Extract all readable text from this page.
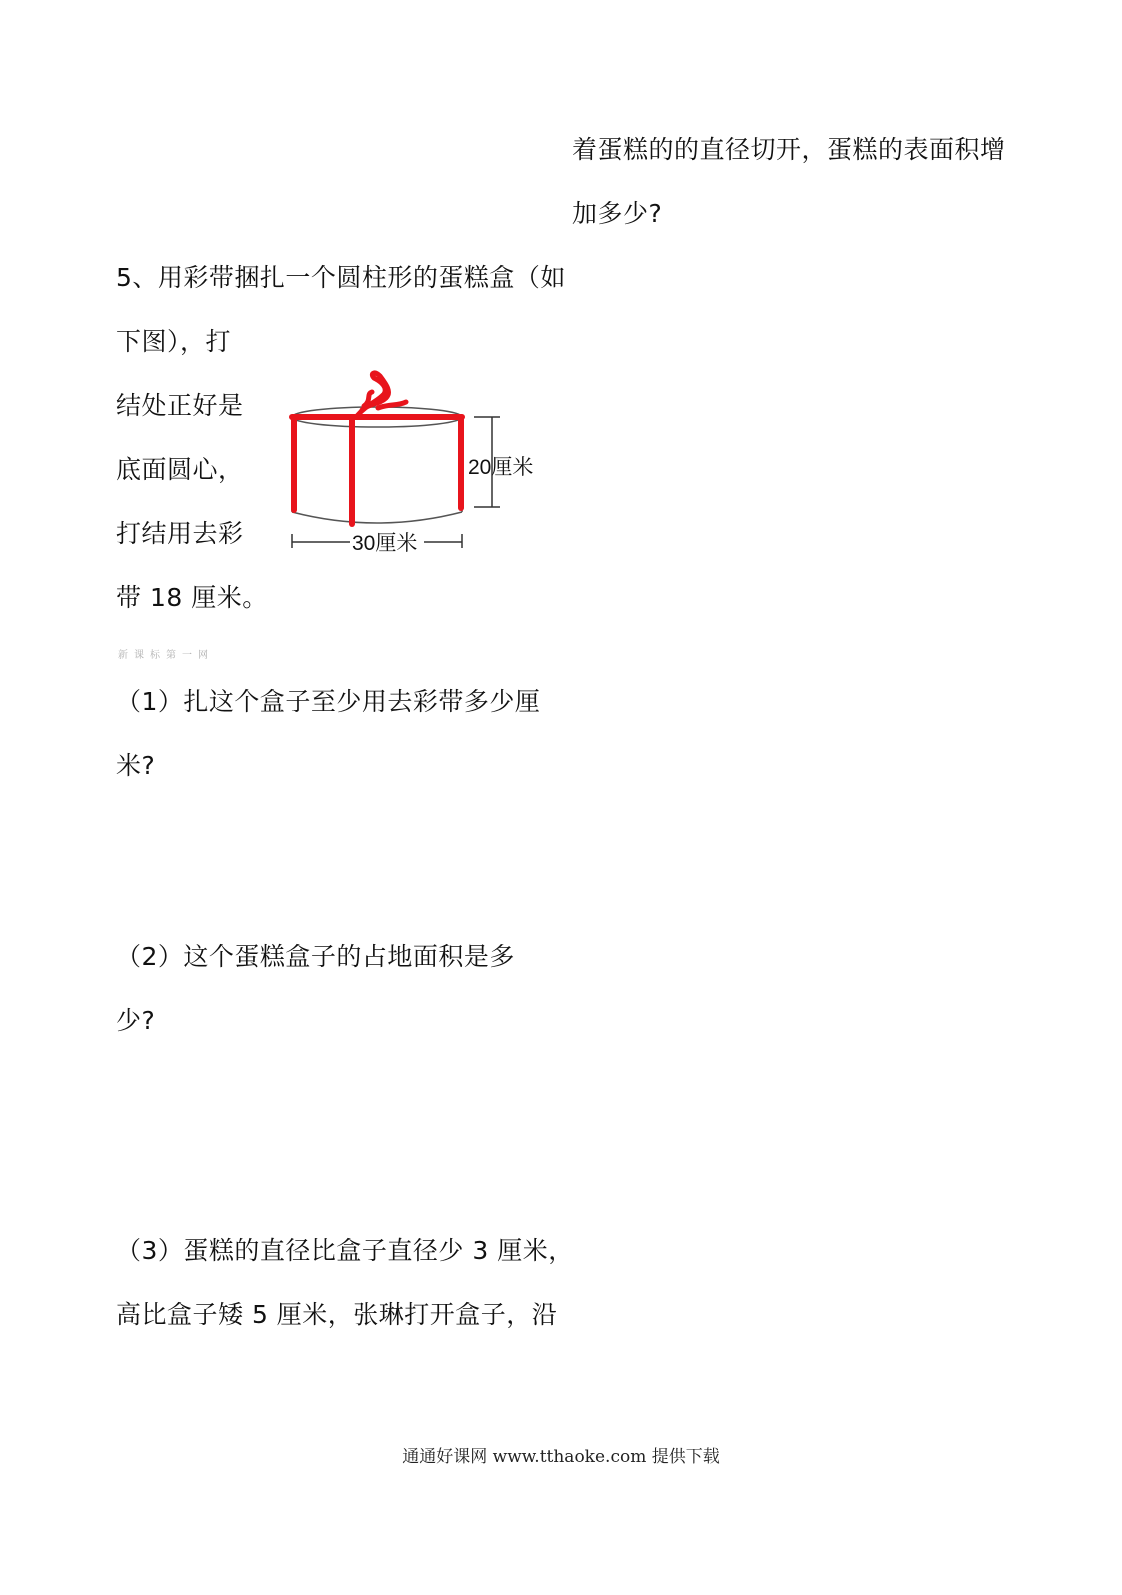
着蛋糕的的直径切开，蛋糕的表面积增
加多少?
5、用彩带捆扎一个圆柱形的蛋糕盒（如
下图），打
结处正好是
底面圆心，
打结用去彩
带 18 厘米。
20厘米
30厘米
新课标第一网
（1）扎这个盒子至少用去彩带多少厘
米?
（2）这个蛋糕盒子的占地面积是多
少?
（3）蛋糕的直径比盒子直径少 3 厘米，
高比盒子矮 5 厘米，张琳打开盒子，沿
通通好课网 www.tthaoke.com 提供下载
